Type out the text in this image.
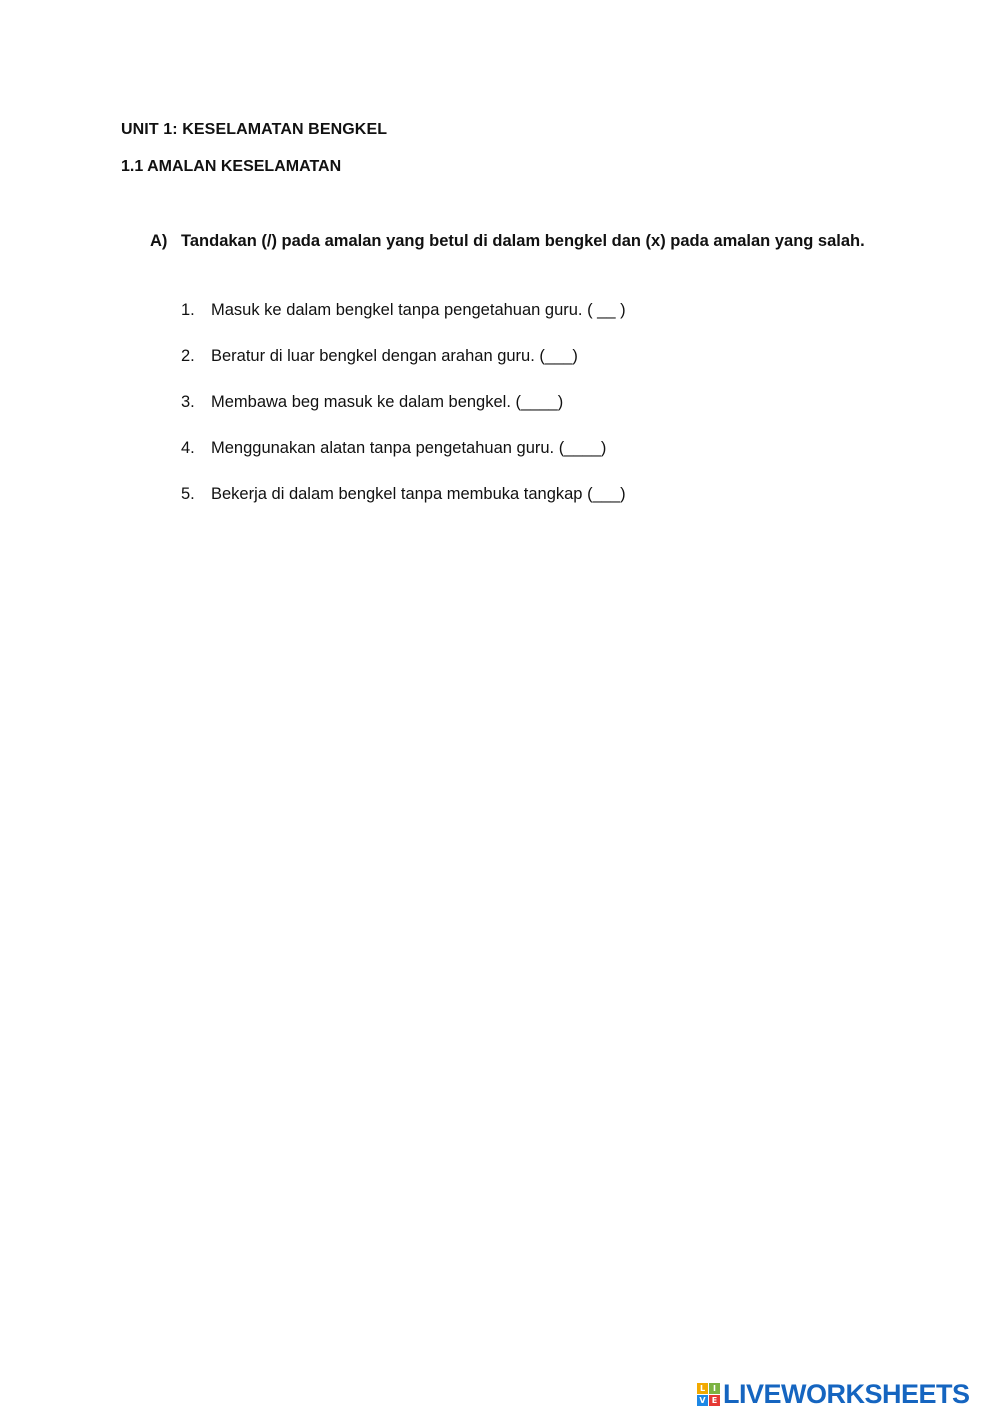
UNIT 1: KESELAMATAN BENGKEL
1.1 AMALAN KESELAMATAN
A) Tandakan (/) pada amalan yang betul di dalam bengkel dan (x) pada amalan yang salah.
1. Masuk ke dalam bengkel tanpa pengetahuan guru. ( __ )
2. Beratur di luar bengkel dengan arahan guru. (___)
3. Membawa beg masuk ke dalam bengkel. (____)
4. Menggunakan alatan tanpa pengetahuan guru. (____)
5. Bekerja di dalam bengkel tanpa membuka tangkap (___)
L I
V E LIVEWORKSHEETS
